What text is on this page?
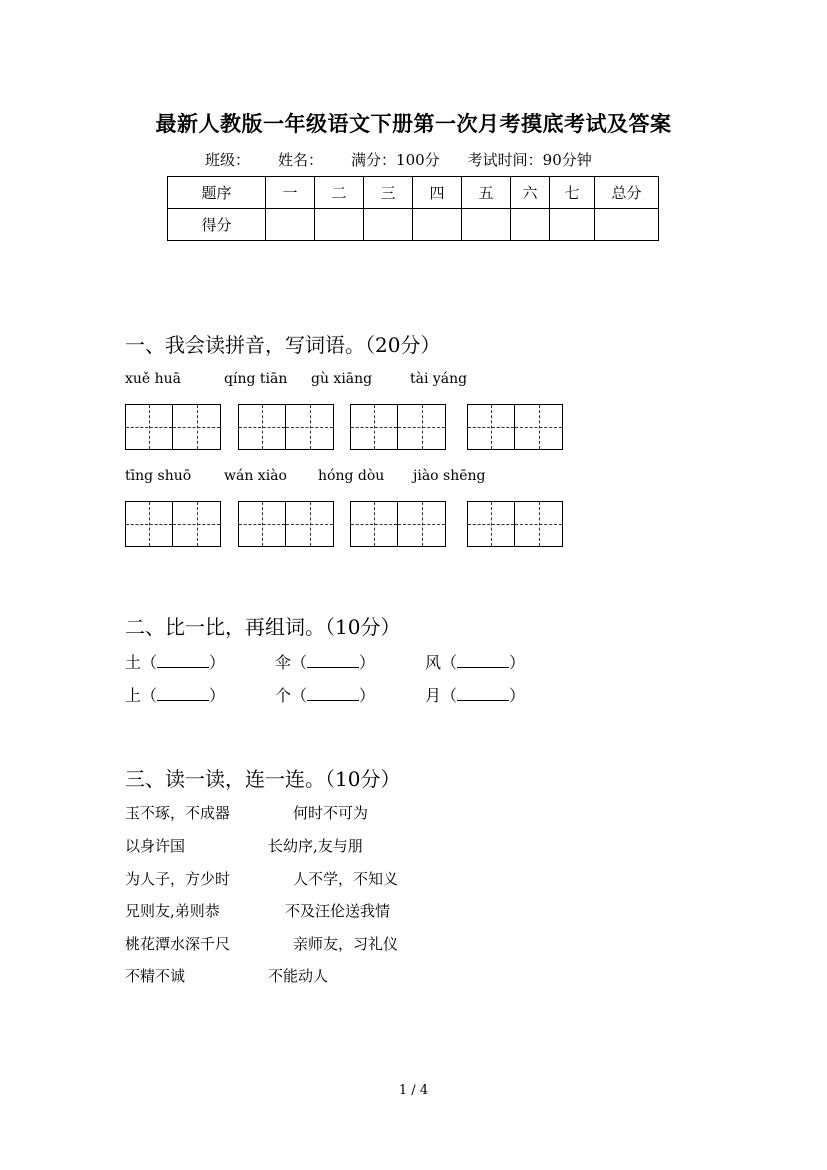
最新人教版一年级语文下册第一次月考摸底考试及答案
班级： 姓名： 满分：100分 考试时间：90分钟
题序	一	二	三	四	五	六	七	总分
得分								
一、我会读拼音，写词语。（20分）
xuě huā	qíng tiān gù xiāng	tài yáng
tīng shuō wán xiào hóng dòu jiào shēng
二、比一比，再组词。（10分）
土（	）	伞（	）	风（	）
上（	）	个（	）	月（	）
三、读一读，连一连。（10分）
玉不琢，不成器	何时不可为
以身许国	长幼序,友与朋
为人子，方少时	人不学，不知义
兄则友,弟则恭	不及汪伦送我情
桃花潭水深千尺	亲师友，习礼仪
不精不诚	不能动人
1 / 4
